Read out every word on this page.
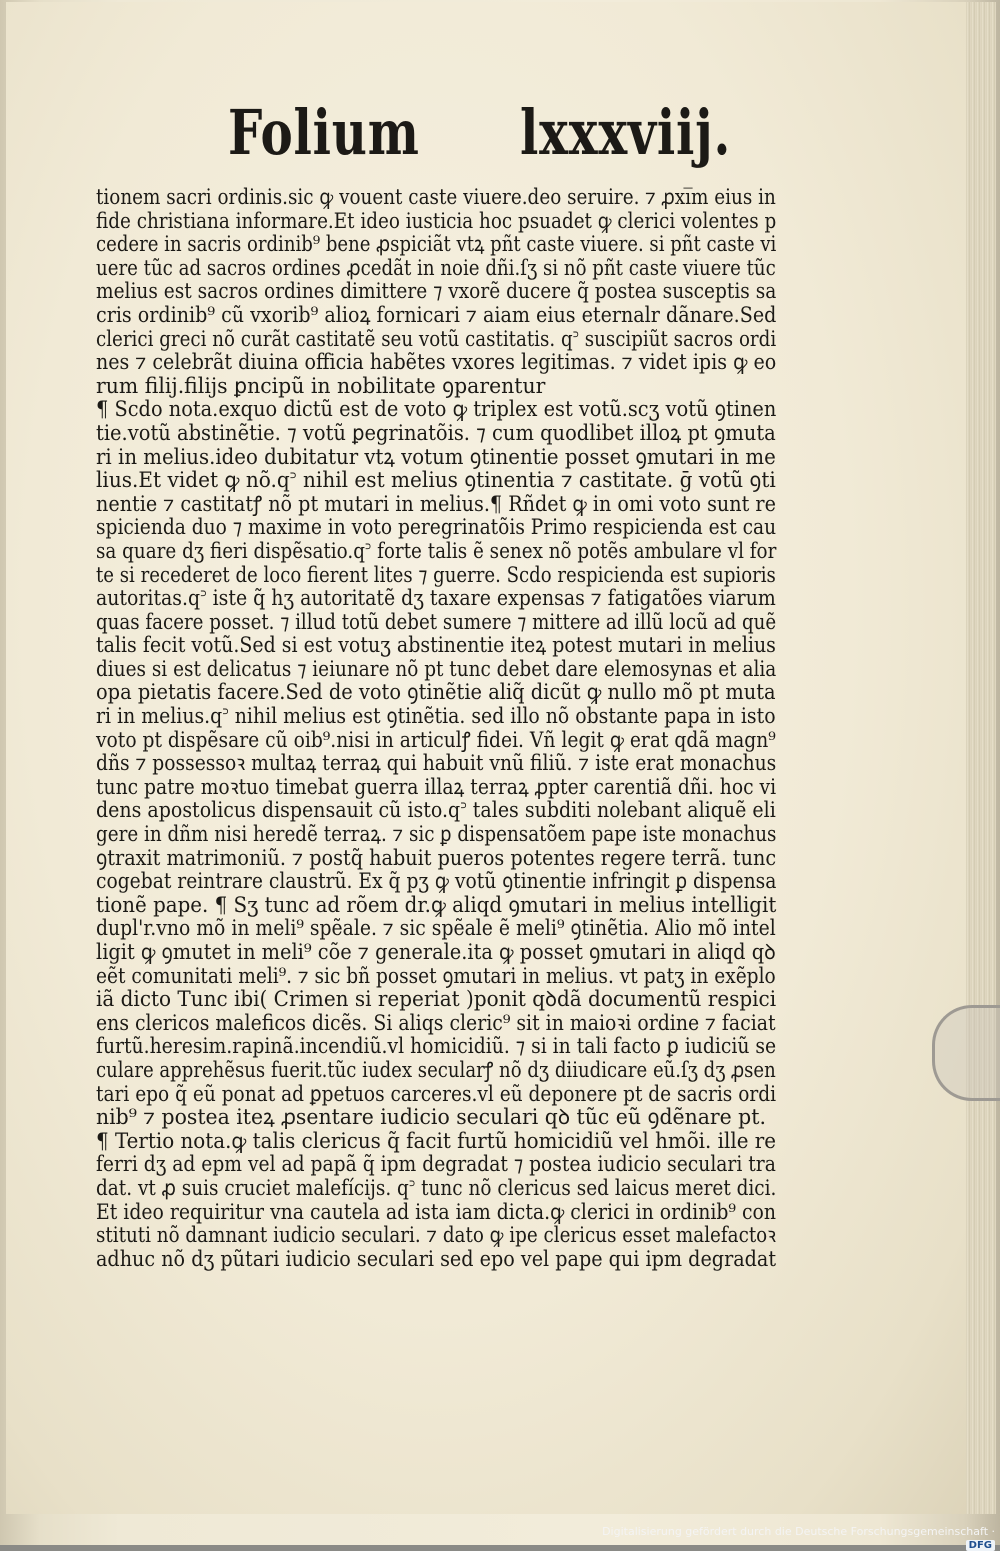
Folium lxxxviij.
tionem sacri ordinis.sic ꝙ vouent caste viuere.deo seruire. ⁊ ꝓxi̅m eius in
fide christiana informare.Et ideo iusticia hoc psuadet ꝙ clerici volentes p
cedere in sacris ordinib⁹ bene ꝓspiciãt vtꝝ pñt caste viuere. si pñt caste vi
uere tũc ad sacros ordines ꝓcedãt in noie dñi.ſʒ si nõ pñt caste viuere tũc
melius est sacros ordines dimittere ⁊ vxorẽ ducere q̃ postea susceptis sa
cris ordinib⁹ cũ vxorib⁹ alioꝝ fornicari ⁊ aiam eius eternalr dãnare.Sed
clerici greci nõ curãt castitatẽ seu votũ castitatis. q꜄ suscipiũt sacros ordi
nes ⁊ celebrãt diuina officia habẽtes vxores legitimas. ⁊ videt ipis ꝙ eo
rum filij.filijs ꝑncipũ in nobilitate ꝯparentur
¶ Scdo nota.exquo dictũ est de voto ꝙ triplex est votũ.scʒ votũ ꝯtinen
tie.votũ abstinẽtie. ⁊ votũ ꝑegrinatõis. ⁊ cum quodlibet illoꝝ pt ꝯmuta
ri in melius.ideo dubitatur vtꝝ votum ꝯtinentie posset ꝯmutari in me
lius.Et videt ꝙ nõ.q꜄ nihil est melius ꝯtinentia ⁊ castitate. ḡ votũ ꝯti
nentie ⁊ castitatꝭ nõ pt mutari in melius.¶ Rñdet ꝙ in omi voto sunt re
spicienda duo ⁊ maxime in voto peregrinatõis Primo respicienda est cau
sa quare dʒ fieri dispẽsatio.q꜄ forte talis ẽ senex nõ potẽs ambulare vl for
te si recederet de loco fierent lites ⁊ guerre. Scdo respicienda est supioris
autoritas.q꜄ iste q̃ hʒ autoritatẽ dʒ taxare expensas ⁊ fatigatões viarum
quas facere posset. ⁊ illud totũ debet sumere ⁊ mittere ad illũ locũ ad quẽ
talis fecit votũ.Sed si est votuʒ abstinentie iteꝝ potest mutari in melius
diues si est delicatus ⁊ ieiunare nõ pt tunc debet dare elemosynas et alia
opa pietatis facere.Sed de voto ꝯtinẽtie aliq̃ dicũt ꝙ nullo mõ pt muta
ri in melius.q꜄ nihil melius est ꝯtinẽtia. sed illo nõ obstante papa in isto
voto pt dispẽsare cũ oib⁹.nisi in articulꝭ fidei. Vñ legit ꝙ erat qdã magn⁹
dñs ⁊ possessoꝛ multaꝝ terraꝝ qui habuit vnũ filiũ. ⁊ iste erat monachus
tunc patre moꝛtuo timebat guerra illaꝝ terraꝝ ꝓpter carentiã dñi. hoc vi
dens apostolicus dispensauit cũ isto.q꜄ tales subditi nolebant aliquẽ eli
gere in dñm nisi heredẽ terraꝝ. ⁊ sic ꝑ dispensatõem pape iste monachus
ꝯtraxit matrimoniũ. ⁊ postq̃ habuit pueros potentes regere terrã. tunc
cogebat reintrare claustrũ. Ex q̃ pʒ ꝙ votũ ꝯtinentie infringit ꝑ dispensa
tionẽ pape. ¶ Sʒ tunc ad rõem dr.ꝙ aliqd ꝯmutari in melius intelligit
dupl'r.vno mõ in meli⁹ spẽale. ⁊ sic spẽale ẽ meli⁹ ꝯtinẽtia. Alio mõ intel
ligit ꝙ ꝯmutet in meli⁹ cõe ⁊ generale.ita ꝙ posset ꝯmutari in aliqd qꝺ
eẽt comunitati meli⁹. ⁊ sic bñ posset ꝯmutari in melius. vt patʒ in exẽplo
iã dicto Tunc ibi( Crimen si reperiat )ponit qꝺdã documentũ respici
ens clericos maleficos dicẽs. Si aliqs cleric⁹ sit in maioꝛi ordine ⁊ faciat
furtũ.heresim.rapinã.incendiũ.vl homicidiũ. ⁊ si in tali facto ꝑ iudiciũ se
culare apprehẽsus fuerit.tũc iudex secularꝭ nõ dʒ diiudicare eũ.ſʒ dʒ ꝓsen
tari epo q̃ eũ ponat ad ꝑpetuos carceres.vl eũ deponere pt de sacris ordi
nib⁹ ⁊ postea iteꝝ ꝓsentare iudicio seculari qꝺ tũc eũ ꝯdẽnare pt.
¶ Tertio nota.ꝙ talis clericus q̃ facit furtũ homicidiũ vel hmõi. ille re
ferri dʒ ad epm vel ad papã q̃ ipm degradat ⁊ postea iudicio seculari tra
dat. vt ꝓ suis cruciet malefícijs. q꜄ tunc nõ clericus sed laicus meret dici.
Et ideo requiritur vna cautela ad ista iam dicta.ꝙ clerici in ordinib⁹ con
stituti nõ damnant iudicio seculari. ⁊ dato ꝙ ipe clericus esset malefactoꝛ
adhuc nõ dʒ pũtari iudicio seculari sed epo vel pape qui ipm degradat
Digitalisierung gefördert durch die Deutsche Forschungsgemeinschaft ·DFG
